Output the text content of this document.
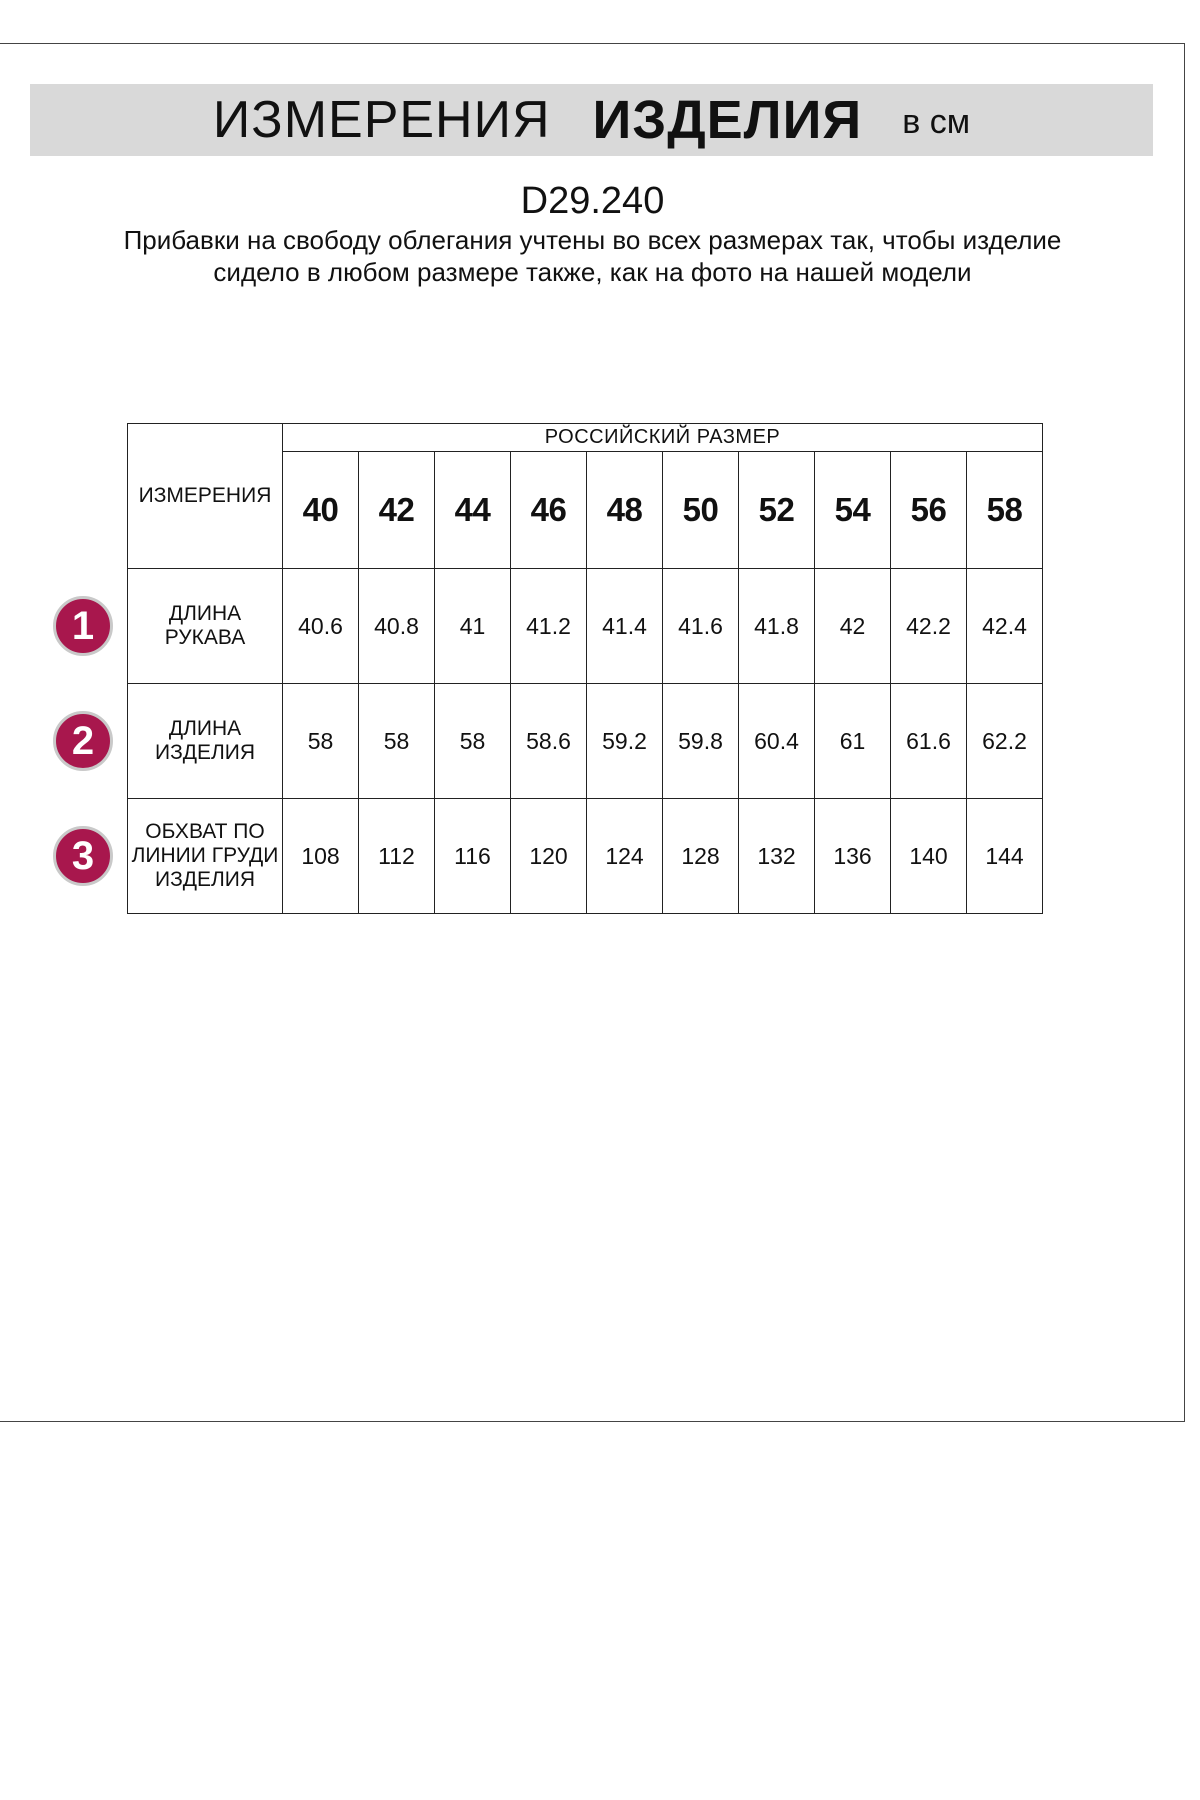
ИЗМЕРЕНИЯ ИЗДЕЛИЯ в см
D29.240
Прибавки на свободу облегания учтены во всех размерах так, чтобы изделие сидело в любом размере также, как на фото на нашей модели
ИЗМЕРЕНИЯ	РОССИЙСКИЙ РАЗМЕР									
	40	42	44	46	48	50	52	54	56	58
ДЛИНА РУКАВА	40.6	40.8	41	41.2	41.4	41.6	41.8	42	42.2	42.4
ДЛИНА ИЗДЕЛИЯ	58	58	58	58.6	59.2	59.8	60.4	61	61.6	62.2
ОБХВАТ ПО ЛИНИИ ГРУДИ ИЗДЕЛИЯ	108	112	116	120	124	128	132	136	140	144
1
2
3
